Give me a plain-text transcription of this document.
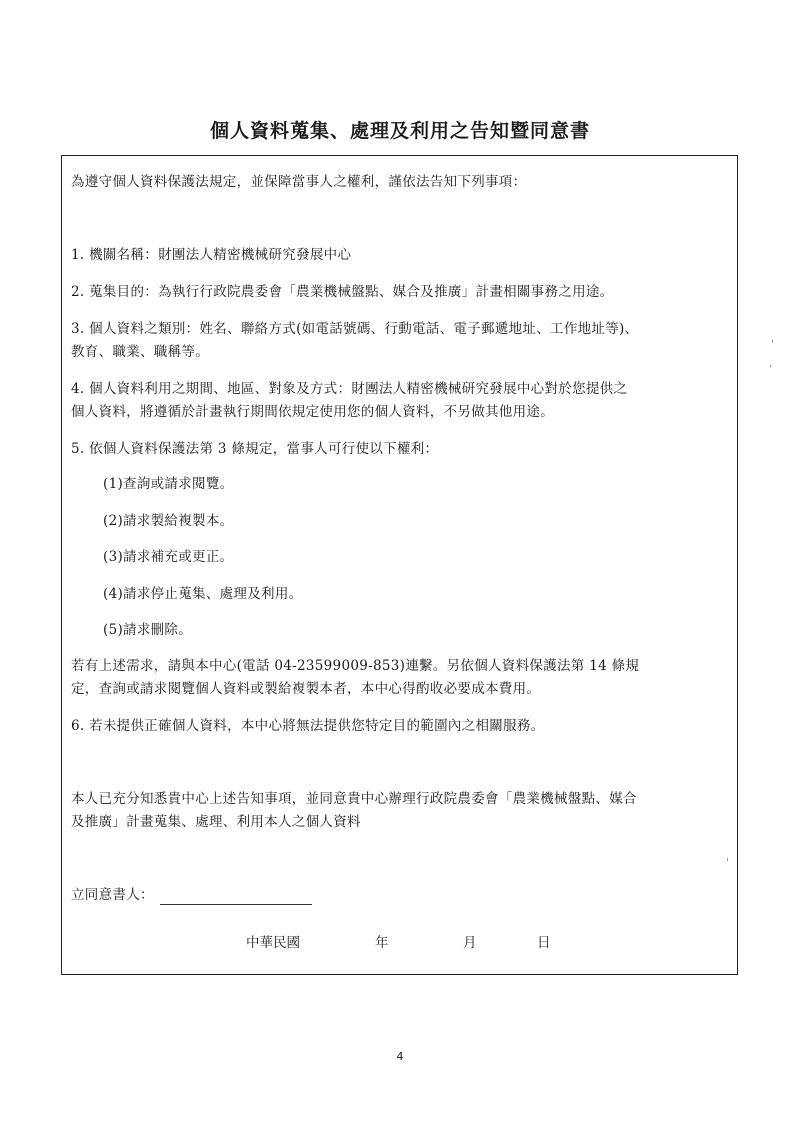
個人資料蒐集、處理及利用之告知暨同意書
為遵守個人資料保護法規定，並保障當事人之權利，謹依法告知下列事項：
1. 機關名稱：財團法人精密機械研究發展中心
2. 蒐集目的：為執行行政院農委會「農業機械盤點、媒合及推廣」計畫相關事務之用途。
3. 個人資料之類別：姓名、聯絡方式(如電話號碼、行動電話、電子郵遞地址、工作地址等)、
教育、職業、職稱等。
4. 個人資料利用之期間、地區、對象及方式：財團法人精密機械研究發展中心對於您提供之
個人資料，將遵循於計畫執行期間依規定使用您的個人資料，不另做其他用途。
5. 依個人資料保護法第 3 條規定，當事人可行使以下權利：
(1)查詢或請求閱覽。
(2)請求製給複製本。
(3)請求補充或更正。
(4)請求停止蒐集、處理及利用。
(5)請求刪除。
若有上述需求，請與本中心(電話 04-23599009-853)連繫。另依個人資料保護法第 14 條規
定，查詢或請求閱覽個人資料或製給複製本者，本中心得酌收必要成本費用。
6. 若未提供正確個人資料，本中心將無法提供您特定目的範圍內之相關服務。
本人已充分知悉貴中心上述告知事項，並同意貴中心辦理行政院農委會「農業機械盤點、媒合
及推廣」計畫蒐集、處理、利用本人之個人資料
立同意書人：
中華民國	年	月	日
4
